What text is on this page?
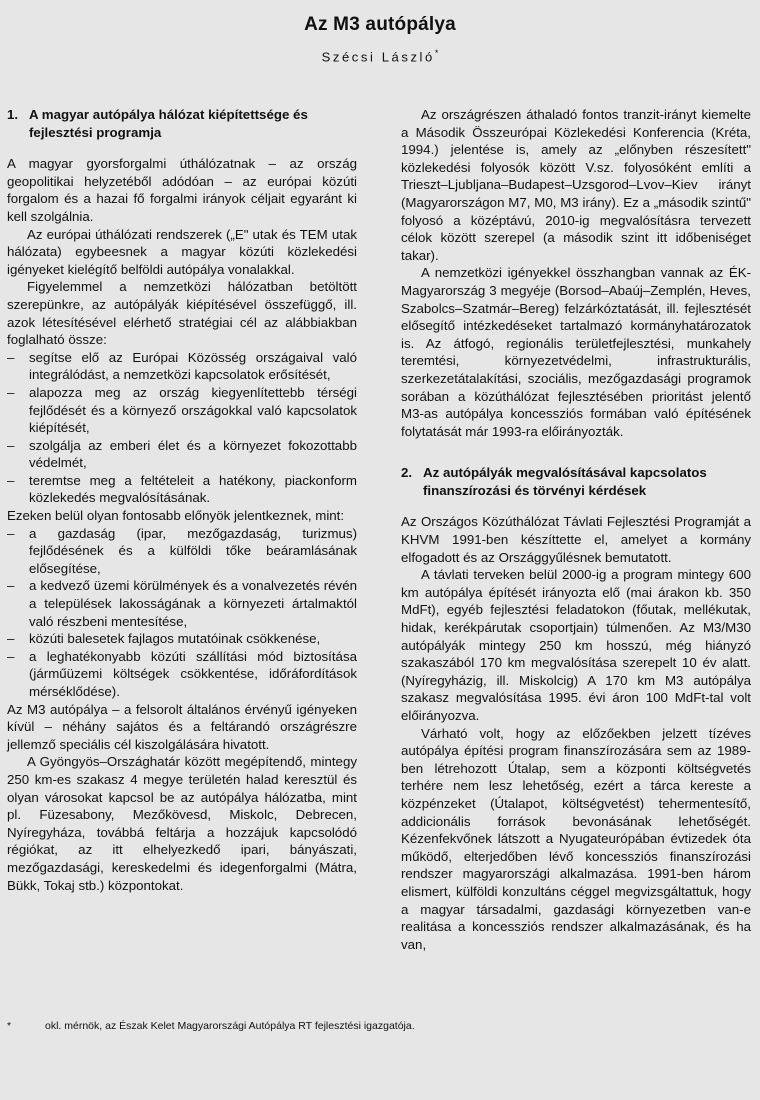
Az M3 autópálya
Szécsi László*
1. A magyar autópálya hálózat kiépítettsége és fejlesztési programja

A magyar gyorsforgalmi úthálózatnak – az ország geopolitikai helyzetéből adódóan – az európai közúti forgalom és a hazai fő forgalmi irányok céljait egyaránt ki kell szolgálnia.

Az európai úthálózati rendszerek („E" utak és TEM utak hálózata) egybeesnek a magyar közúti közlekedési igényeket kielégítő belföldi autópálya vonalakkal.

Figyelemmel a nemzetközi hálózatban betöltött szerepünkre, az autópályák kiépítésével összefüggő, ill. azok létesítésével elérhető stratégiai cél az alábbiakban foglalható össze:

– segítse elő az Európai Közösség országaival való integrálódást, a nemzetközi kapcsolatok erősítését,
– alapozza meg az ország kiegyenlítettebb térségi fejlődését és a környező országokkal való kapcsolatok kiépítését,
– szolgálja az emberi élet és a környezet fokozottabb védelmét,
– teremtse meg a feltételeit a hatékony, piackonform közlekedés megvalósításának.

Ezeken belül olyan fontosabb előnyök jelentkeznek, mint:

– a gazdaság (ipar, mezőgazdaság, turizmus) fejlődésének és a külföldi tőke beáramlásának elősegítése,
– a kedvező üzemi körülmények és a vonalvezetés révén a települések lakosságának a környezeti ártalmaktól való részbeni mentesítése,
– közúti balesetek fajlagos mutatóinak csökkenése,
– a leghatékonyabb közúti szállítási mód biztosítása (járműüzemi költségek csökkentése, időráfordítások mérséklődése).

Az M3 autópálya – a felsorolt általános érvényű igényeken kívül – néhány sajátos és a feltárandó országrészre jellemző speciális cél kiszolgálására hivatott.

A Gyöngyös–Országhatár között megépítendő, mintegy 250 km-es szakasz 4 megye területén halad keresztül és olyan városokat kapcsol be az autópálya hálózatba, mint pl. Füzesabony, Mezőkövesd, Miskolc, Debrecen, Nyíregyháza, továbbá feltárja a hozzájuk kapcsolódó régiókat, az itt elhelyezkedő ipari, bányászati, mezőgazdasági, kereskedelmi és idegenforgalmi (Mátra, Bükk, Tokaj stb.) központokat.

Az országrészen áthaladó fontos tranzit-irányt kiemelte a Második Összeurópai Közlekedési Konferencia (Kréta, 1994.) jelentése is, amely az „előnyben részesített" közlekedési folyosók között V.sz. folyosóként említi a Trieszt–Ljubljana–Budapest–Uzsgorod–Lvov–Kiev irányt (Magyarországon M7, M0, M3 irány). Ez a „második szintű" folyosó a középtávú, 2010-ig megvalósításra tervezett célok között szerepel (a második szint itt időbeniséget takar).

A nemzetközi igényekkel összhangban vannak az ÉK-Magyarország 3 megyéje (Borsod–Abaúj–Zemplén, Heves, Szabolcs–Szatmár–Bereg) felzárkóztatását, ill. fejlesztését elősegítő intézkedéseket tartalmazó kormányhatározatok is. Az átfogó, regionális területfejlesztési, munkahely teremtési, környezetvédelmi, infrastrukturális, szerkezetátalakítási, szociális, mezőgazdasági programok sorában a közúthálózat fejlesztésében prioritást jelentő M3-as autópálya koncessziós formában való építésének folytatását már 1993-ra előirányozták.

2. Az autópályák megvalósításával kapcsolatos finanszírozási és törvényi kérdések

Az Országos Közúthálózat Távlati Fejlesztési Programját a KHVM 1991-ben készíttette el, amelyet a kormány elfogadott és az Országgyűlésnek bemutatott.

A távlati terveken belül 2000-ig a program mintegy 600 km autópálya építését irányozta elő (mai árakon kb. 350 MdFt), egyéb fejlesztési feladatokon (főutak, mellékutak, hidak, kerékpárutak csoportjain) túlmenően. Az M3/M30 autópályák mintegy 250 km hosszú, még hiányzó szakaszából 170 km megvalósítása szerepelt 10 év alatt. (Nyíregyházig, ill. Miskolcig) A 170 km M3 autópálya szakasz megvalósítása 1995. évi áron 100 MdFt-tal volt előirányozva.

Várható volt, hogy az előzőekben jelzett tízéves autópálya építési program finanszírozására sem az 1989-ben létrehozott Útalap, sem a központi költségvetés terhére nem lesz lehetőség, ezért a tárca kereste a közpénzeket (Útalapot, költségvetést) tehermentesítő, addicionális források bevonásának lehetőségét. Kézenfekvőnek látszott a Nyugateurópában évtizedek óta működő, elterjedőben lévő koncessziós finanszírozási rendszer magyarországi alkalmazása. 1991-ben három elismert, külföldi konzultáns céggel megvizsgáltattuk, hogy a magyar társadalmi, gazdasági környezetben van-e realitása a koncessziós rendszer alkalmazásának, és ha van,

*	okl. mérnök, az Észak Kelet Magyarországi Autópálya RT fejlesztési igazgatója.
